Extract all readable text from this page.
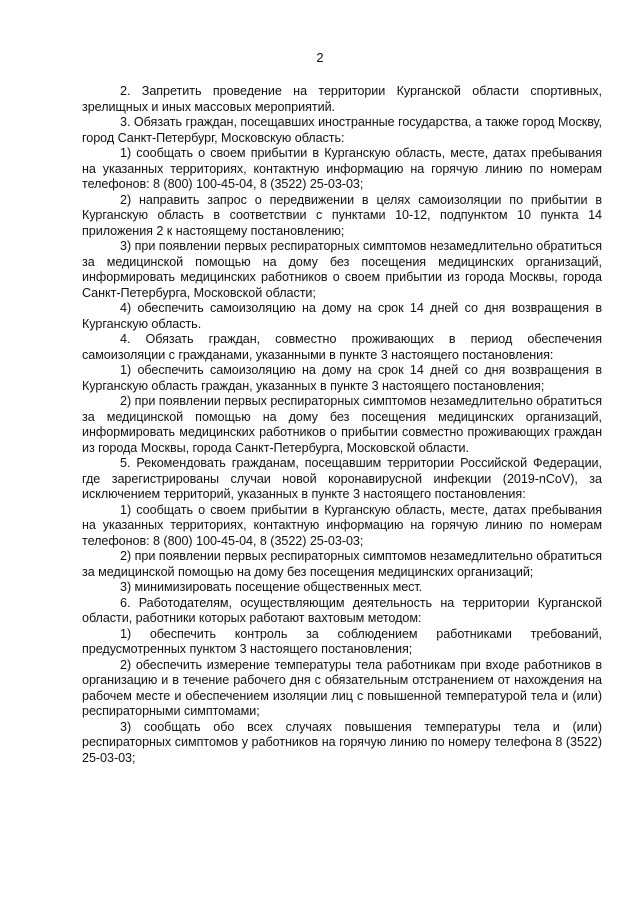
2

2. Запретить проведение на территории Курганской области спортивных, зрелищных и иных массовых мероприятий.

3. Обязать граждан, посещавших иностранные государства, а также город Москву, город Санкт-Петербург, Московскую область:

1) сообщать о своем прибытии в Курганскую область, месте, датах пребывания на указанных территориях, контактную информацию на горячую линию по номерам телефонов: 8 (800) 100-45-04, 8 (3522) 25-03-03;

2) направить запрос о передвижении в целях самоизоляции по прибытии в Курганскую область в соответствии с пунктами 10-12, подпунктом 10 пункта 14 приложения 2 к настоящему постановлению;

3) при появлении первых респираторных симптомов незамедлительно обратиться за медицинской помощью на дому без посещения медицинских организаций, информировать медицинских работников о своем прибытии из города Москвы, города Санкт-Петербурга, Московской области;

4) обеспечить самоизоляцию на дому на срок 14 дней со дня возвращения в Курганскую область.

4. Обязать граждан, совместно проживающих в период обеспечения самоизоляции с гражданами, указанными в пункте 3 настоящего постановления:

1) обеспечить самоизоляцию на дому на срок 14 дней со дня возвращения в Курганскую область граждан, указанных в пункте 3 настоящего постановления;

2) при появлении первых респираторных симптомов незамедлительно обратиться за медицинской помощью на дому без посещения медицинских организаций, информировать медицинских работников о прибытии совместно проживающих граждан из города Москвы, города Санкт-Петербурга, Московской области.

5. Рекомендовать гражданам, посещавшим территории Российской Федерации, где зарегистрированы случаи новой коронавирусной инфекции (2019-nCoV), за исключением территорий, указанных в пункте 3 настоящего постановления:

1) сообщать о своем прибытии в Курганскую область, месте, датах пребывания на указанных территориях, контактную информацию на горячую линию по номерам телефонов: 8 (800) 100-45-04, 8 (3522) 25-03-03;

2) при появлении первых респираторных симптомов незамедлительно обратиться за медицинской помощью на дому без посещения медицинских организаций;

3) минимизировать посещение общественных мест.

6. Работодателям, осуществляющим деятельность на территории Курганской области, работники которых работают вахтовым методом:

1) обеспечить контроль за соблюдением работниками требований, предусмотренных пунктом 3 настоящего постановления;

2) обеспечить измерение температуры тела работникам при входе работников в организацию и в течение рабочего дня с обязательным отстранением от нахождения на рабочем месте и обеспечением изоляции лиц с повышенной температурой тела и (или) респираторными симптомами;

3) сообщать обо всех случаях повышения температуры тела и (или) респираторных симптомов у работников на горячую линию по номеру телефона 8 (3522) 25-03-03;
